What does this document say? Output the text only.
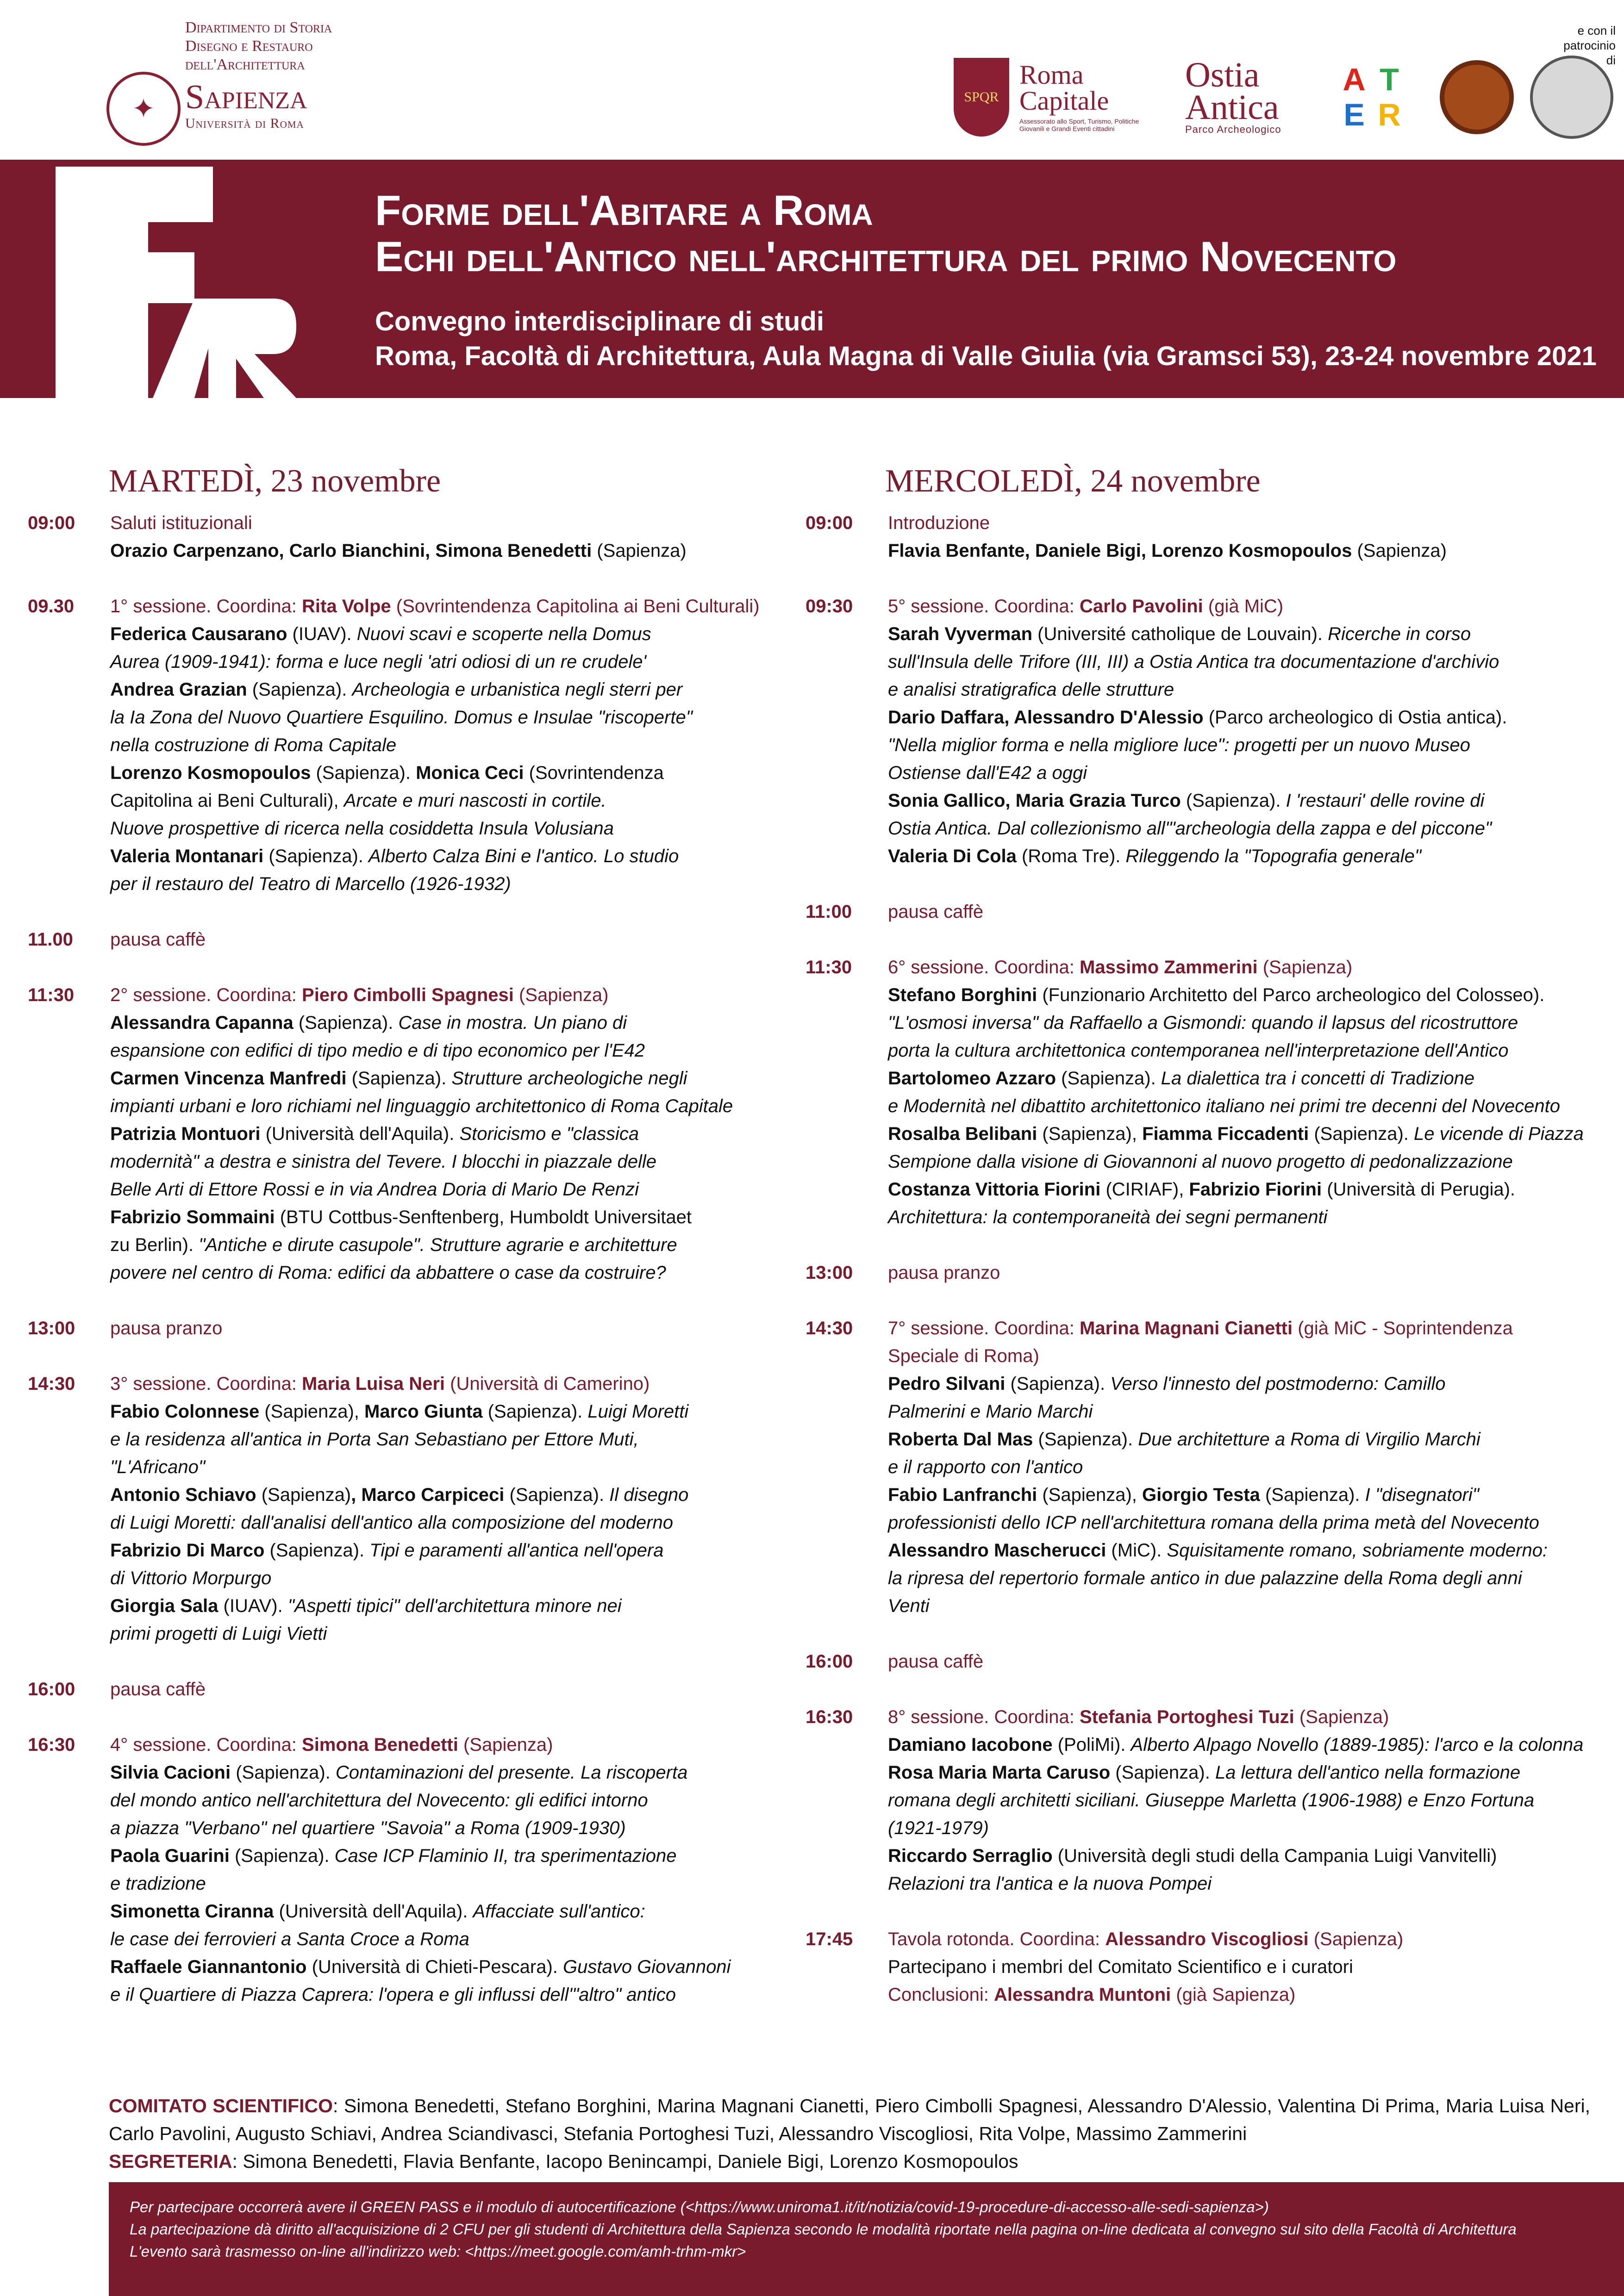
✦
Dipartimento di Storia
Disegno e Restauro
dell'Architettura
Sapienza
Università di Roma
e con il patrocinio di
SPQR
Roma
Capitale
Assessorato allo Sport, Turismo, Politiche Giovanili e Grandi Eventi cittadini
Ostia
Antica
Parco Archeologico
A T
E R
Forme dell'Abitare a Roma
Echi dell'Antico nell'architettura del primo Novecento
Convegno interdisciplinare di studi
Roma, Facoltà di Architettura, Aula Magna di Valle Giulia (via Gramsci 53), 23-24 novembre 2021
MARTEDÌ, 23 novembre	MERCOLEDÌ, 24 novembre
09:00	Saluti istituzionali
Orazio Carpenzano, Carlo Bianchini, Simona Benedetti (Sapienza)
09.30	1° sessione. Coordina: Rita Volpe (Sovrintendenza Capitolina ai Beni Culturali)
Federica Causarano (IUAV). Nuovi scavi e scoperte nella Domus
Aurea (1909-1941): forma e luce negli 'atri odiosi di un re crudele'
Andrea Grazian (Sapienza). Archeologia e urbanistica negli sterri per
la Ia Zona del Nuovo Quartiere Esquilino. Domus e Insulae "riscoperte"
nella costruzione di Roma Capitale
Lorenzo Kosmopoulos (Sapienza). Monica Ceci (Sovrintendenza
Capitolina ai Beni Culturali), Arcate e muri nascosti in cortile.
Nuove prospettive di ricerca nella cosiddetta Insula Volusiana
Valeria Montanari (Sapienza). Alberto Calza Bini e l'antico. Lo studio
per il restauro del Teatro di Marcello (1926-1932)
11.00	pausa caffè
11:30	2° sessione. Coordina: Piero Cimbolli Spagnesi (Sapienza)
Alessandra Capanna (Sapienza). Case in mostra. Un piano di
espansione con edifici di tipo medio e di tipo economico per l'E42
Carmen Vincenza Manfredi (Sapienza). Strutture archeologiche negli
impianti urbani e loro richiami nel linguaggio architettonico di Roma Capitale
Patrizia Montuori (Università dell'Aquila). Storicismo e "classica
modernità" a destra e sinistra del Tevere. I blocchi in piazzale delle
Belle Arti di Ettore Rossi e in via Andrea Doria di Mario De Renzi
Fabrizio Sommaini (BTU Cottbus-Senftenberg, Humboldt Universitaet
zu Berlin). "Antiche e dirute casupole". Strutture agrarie e architetture
povere nel centro di Roma: edifici da abbattere o case da costruire?
13:00	pausa pranzo
14:30	3° sessione. Coordina: Maria Luisa Neri (Università di Camerino)
Fabio Colonnese (Sapienza), Marco Giunta (Sapienza). Luigi Moretti
e la residenza all'antica in Porta San Sebastiano per Ettore Muti,
"L'Africano"
Antonio Schiavo (Sapienza), Marco Carpiceci (Sapienza). Il disegno
di Luigi Moretti: dall'analisi dell'antico alla composizione del moderno
Fabrizio Di Marco (Sapienza). Tipi e paramenti all'antica nell'opera
di Vittorio Morpurgo
Giorgia Sala (IUAV). "Aspetti tipici" dell'architettura minore nei
primi progetti di Luigi Vietti
16:00	pausa caffè
16:30	4° sessione. Coordina: Simona Benedetti (Sapienza)
Silvia Cacioni (Sapienza). Contaminazioni del presente. La riscoperta
del mondo antico nell'architettura del Novecento: gli edifici intorno
a piazza "Verbano" nel quartiere "Savoia" a Roma (1909-1930)
Paola Guarini (Sapienza). Case ICP Flaminio II, tra sperimentazione
e tradizione
Simonetta Ciranna (Università dell'Aquila). Affacciate sull'antico:
le case dei ferrovieri a Santa Croce a Roma
Raffaele Giannantonio (Università di Chieti-Pescara). Gustavo Giovannoni
e il Quartiere di Piazza Caprera: l'opera e gli influssi dell'"altro" antico
09:00	Introduzione
Flavia Benfante, Daniele Bigi, Lorenzo Kosmopoulos (Sapienza)
09:30	5° sessione. Coordina: Carlo Pavolini (già MiC)
Sarah Vyverman (Université catholique de Louvain). Ricerche in corso
sull'Insula delle Trifore (III, III) a Ostia Antica tra documentazione d'archivio
e analisi stratigrafica delle strutture
Dario Daffara, Alessandro D'Alessio (Parco archeologico di Ostia antica).
"Nella miglior forma e nella migliore luce": progetti per un nuovo Museo
Ostiense dall'E42 a oggi
Sonia Gallico, Maria Grazia Turco (Sapienza). I 'restauri' delle rovine di
Ostia Antica. Dal collezionismo all'"archeologia della zappa e del piccone"
Valeria Di Cola (Roma Tre). Rileggendo la "Topografia generale"
11:00	pausa caffè
11:30	6° sessione. Coordina: Massimo Zammerini (Sapienza)
Stefano Borghini (Funzionario Architetto del Parco archeologico del Colosseo).
"L'osmosi inversa" da Raffaello a Gismondi: quando il lapsus del ricostruttore
porta la cultura architettonica contemporanea nell'interpretazione dell'Antico
Bartolomeo Azzaro (Sapienza). La dialettica tra i concetti di Tradizione
e Modernità nel dibattito architettonico italiano nei primi tre decenni del Novecento
Rosalba Belibani (Sapienza), Fiamma Ficcadenti (Sapienza). Le vicende di Piazza
Sempione dalla visione di Giovannoni al nuovo progetto di pedonalizzazione
Costanza Vittoria Fiorini (CIRIAF), Fabrizio Fiorini (Università di Perugia).
Architettura: la contemporaneità dei segni permanenti
13:00	pausa pranzo
14:30	7° sessione. Coordina: Marina Magnani Cianetti (già MiC - Soprintendenza
Speciale di Roma)
Pedro Silvani (Sapienza). Verso l'innesto del postmoderno: Camillo
Palmerini e Mario Marchi
Roberta Dal Mas (Sapienza). Due architetture a Roma di Virgilio Marchi
e il rapporto con l'antico
Fabio Lanfranchi (Sapienza), Giorgio Testa (Sapienza). I "disegnatori"
professionisti dello ICP nell'architettura romana della prima metà del Novecento
Alessandro Mascherucci (MiC). Squisitamente romano, sobriamente moderno:
la ripresa del repertorio formale antico in due palazzine della Roma degli anni
Venti
16:00	pausa caffè
16:30	8° sessione. Coordina: Stefania Portoghesi Tuzi (Sapienza)
Damiano Iacobone (PoliMi). Alberto Alpago Novello (1889-1985): l'arco e la colonna
Rosa Maria Marta Caruso (Sapienza). La lettura dell'antico nella formazione
romana degli architetti siciliani. Giuseppe Marletta (1906-1988) e Enzo Fortuna
(1921-1979)
Riccardo Serraglio (Università degli studi della Campania Luigi Vanvitelli)
Relazioni tra l'antica e la nuova Pompei
17:45	Tavola rotonda. Coordina: Alessandro Viscogliosi (Sapienza)
Partecipano i membri del Comitato Scientifico e i curatori
Conclusioni: Alessandra Muntoni (già Sapienza)
COMITATO SCIENTIFICO: Simona Benedetti, Stefano Borghini, Marina Magnani Cianetti, Piero Cimbolli Spagnesi, Alessandro D'Alessio, Valentina Di Prima, Maria Luisa Neri, Carlo Pavolini, Augusto Schiavi, Andrea Sciandivasci, Stefania Portoghesi Tuzi, Alessandro Viscogliosi, Rita Volpe, Massimo Zammerini
SEGRETERIA: Simona Benedetti, Flavia Benfante, Iacopo Benincampi, Daniele Bigi, Lorenzo Kosmopoulos
Per partecipare occorrerà avere il GREEN PASS e il modulo di autocertificazione (<https://www.uniroma1.it/it/notizia/covid-19-procedure-di-accesso-alle-sedi-sapienza>)
La partecipazione dà diritto all'acquisizione di 2 CFU per gli studenti di Architettura della Sapienza secondo le modalità riportate nella pagina on-line dedicata al convegno sul sito della Facoltà di Architettura
L'evento sarà trasmesso on-line all'indirizzo web: <https://meet.google.com/amh-trhm-mkr>
